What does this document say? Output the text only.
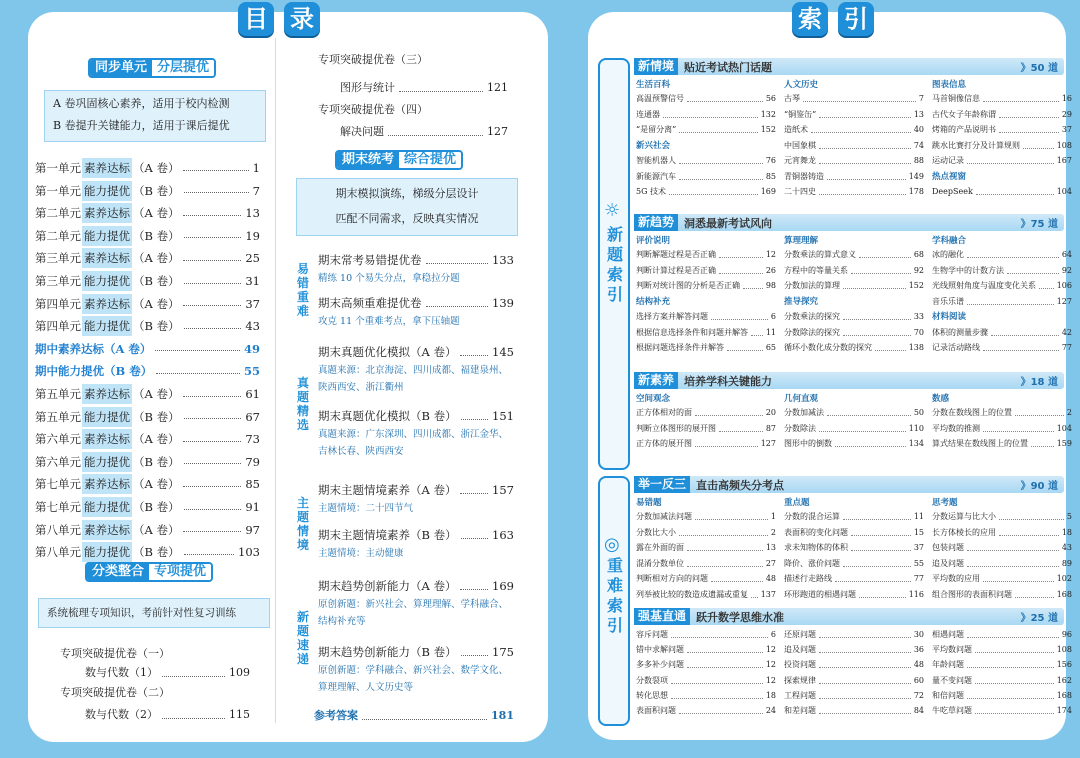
目 录	索 引
同步单元 分层提优
A 卷巩固核心素养，适用于校内检测
B 卷提升关键能力，适用于课后提优
第一单元 素养达标 （A 卷）	1
第一单元 能力提优 （B 卷）	7
第二单元 素养达标 （A 卷）	13
第二单元 能力提优 （B 卷）	19
第三单元 素养达标 （A 卷）	25
第三单元 能力提优 （B 卷）	31
第四单元 素养达标 （A 卷）	37
第四单元 能力提优 （B 卷）	43
期中素养达标（A 卷）	49
期中能力提优（B 卷）	55
第五单元 素养达标 （A 卷）	61
第五单元 能力提优 （B 卷）	67
第六单元 素养达标 （A 卷）	73
第六单元 能力提优 （B 卷）	79
第七单元 素养达标 （A 卷）	85
第七单元 能力提优 （B 卷）	91
第八单元 素养达标 （A 卷）	97
第八单元 能力提优 （B 卷）	103
分类整合 专项提优
系统梳理专项知识，考前针对性复习训练
专项突破提优卷（一）
数与代数（1）	109
专项突破提优卷（二）
数与代数（2）	115
专项突破提优卷（三）
图形与统计	121
专项突破提优卷（四）
解决问题	127
期末统考 综合提优
期末模拟演练，梯级分层设计
匹配不同需求，反映真实情况
易
错
重
难
期末常考易错提优卷	133
精练 10 个易失分点，拿稳拉分题
期末高频重难提优卷	139
攻克 11 个重难考点，拿下压轴题
真
题
精
选
期末真题优化模拟（A 卷）	145
真题来源：北京海淀、四川成都、福建泉州、陕西西安、浙江衢州
期末真题优化模拟（B 卷）	151
真题来源：广东深圳、四川成都、浙江金华、吉林长春、陕西西安
主
题
情
境
期末主题情境素养（A 卷）	157
主题情境：二十四节气
期末主题情境素养（B 卷）	163
主题情境：主动健康
新
题
速
递
期末趋势创新能力（A 卷）	169
原创新题：新兴社会、算理理解、学科融合、结构补充等
期末趋势创新能力（B 卷）	175
原创新题：学科融合、新兴社会、数学文化、算理理解、人文历史等
参考答案	181
新
题
索
引
重
难
索
引
☼
◎
新情境 贴近考试热门话题	》50 道
生活百科
高温预警信号	56
连通器	132
“是留分离”	152
新兴社会
智能机器人	76
新能源汽车	85
5G 技术	169
人文历史
古琴	7
“铜鉴缶”	13
造纸术	40
中国象棋	74
元宵舞龙	88
青铜器铸造	149
二十四史	178
图表信息
马首铜像信息	16
古代女子年龄称谓	29
烤箱的产品说明书	37
跳水比赛打分及计算规则	108
运动记录	167
热点视窗
DeepSeek	104
新趋势 洞悉最新考试风向	》75 道
评价说明
判断解题过程是否正确	12
判断计算过程是否正确	26
判断对统计图的分析是否正确	98
结构补充
选择方案并解答问题	6
根据信息选择条件和问题并解答 11
根据问题选择条件并解答	65
算理理解
分数乘法的算式意义	68
方程中的等量关系	92
分数加法的算理	152
推导探究
分数乘法的探究	33
分数除法的探究	70
循环小数化成分数的探究	138
学科融合
冰的融化	64
生物学中的计数方法	92
光线照射角度与温度变化关系	106
音乐乐谱	127
材料阅读
体积的测量步骤	42
记录活动路线	77
新素养 培养学科关键能力	》18 道
空间观念
正方体相对的面	20
判断立体图形的展开图	87
正方体的展开图	127
几何直观
分数加减法	50
分数除法	110
图形中的倒数	134
数感
分数在数线图上的位置	2
平均数的推测	104
算式结果在数线图上的位置	159
举一反三 直击高频失分考点	》90 道
易错题
分数加减法问题	1
分数比大小	2
露在外面的面	13
混淆分数单位	27
判断相对方向的问题	48
列举被比较的数造成遗漏或重复 137
重点题
分数的混合运算	11
表面积的变化问题	15
求未知物体的体积	37
降价、涨价问题	55
描述行走路线	77
环形跑道的相遇问题	116
思考题
分数运算与比大小	5
长方体棱长的应用	18
包装问题	43
追及问题	89
平均数的应用	102
组合图形的表面积问题	168
强基直通 跃升数学思维水准	》25 道
容斥问题	6
错中求解问题	12
多多补少问题	12
分数裂项	12
转化思想	18
表面积问题	24
还原问题	30
追及问题	36
投资问题	48
探索规律	60
工程问题	72
和差问题	84
相遇问题	96
平均数问题	108
年龄问题	156
量不变问题	162
和倍问题	168
牛吃草问题	174
